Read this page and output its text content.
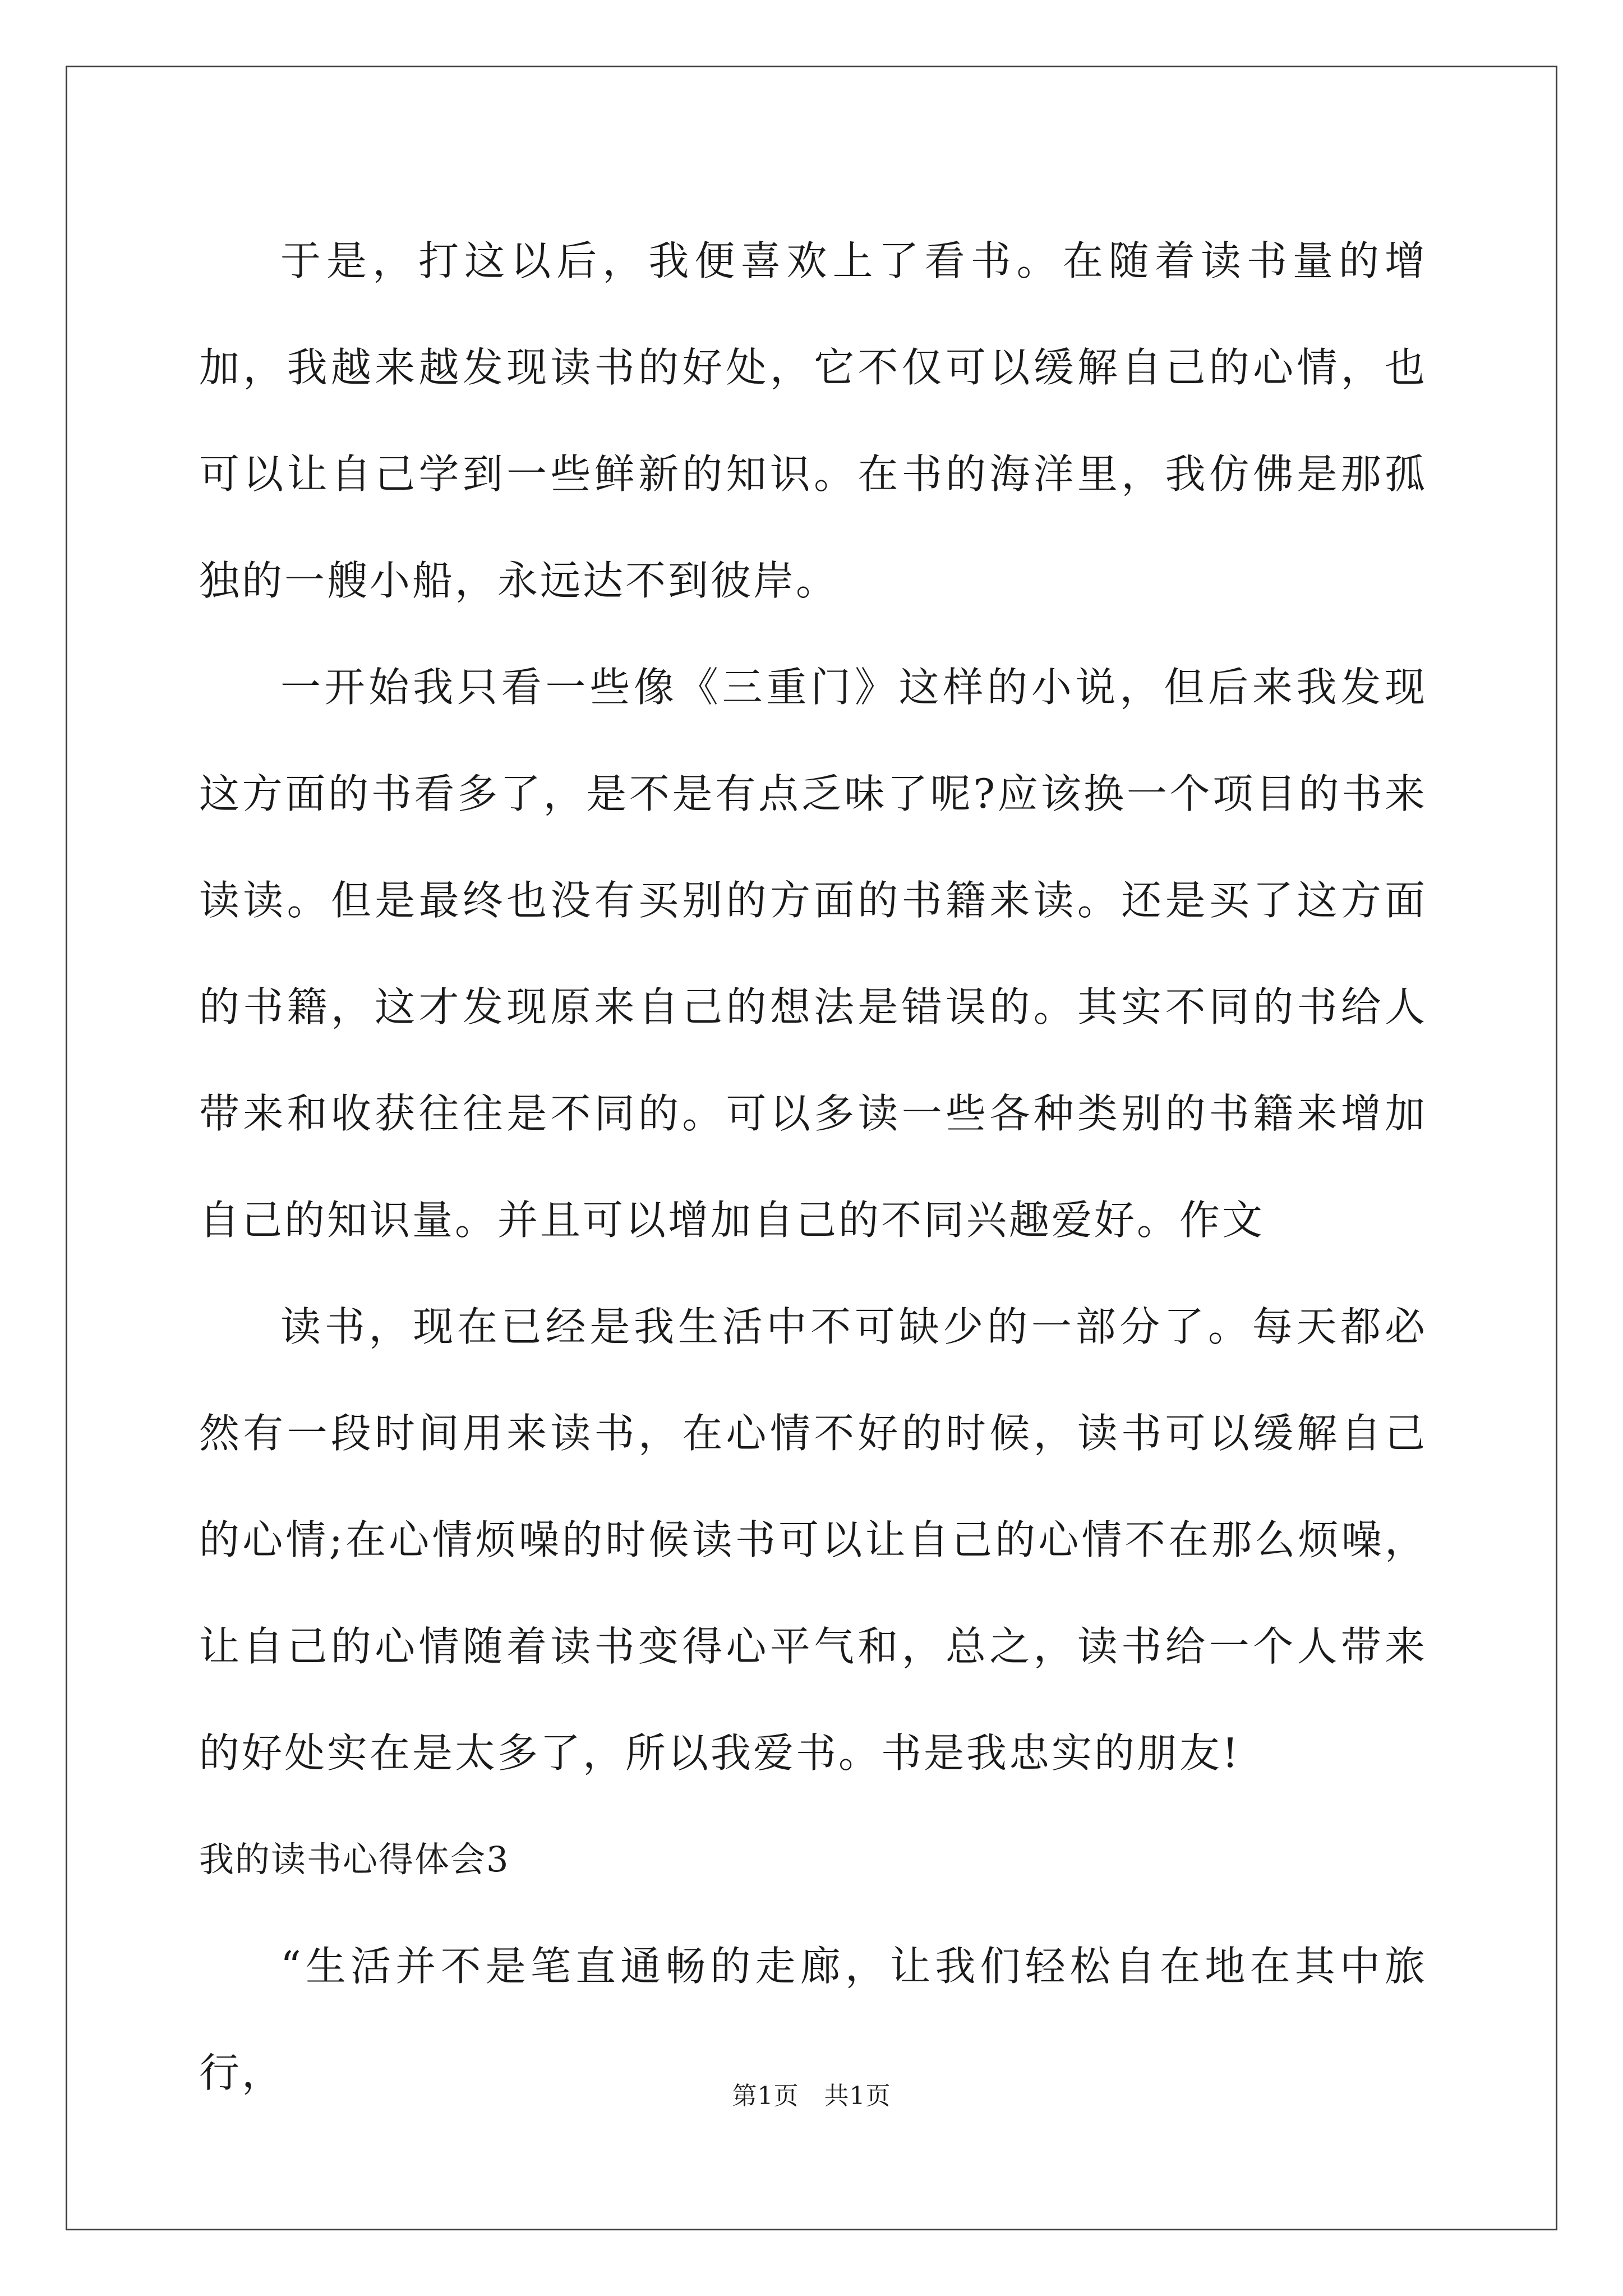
于是，打这以后，我便喜欢上了看书。在随着读书量的增加，我越来越发现读书的好处，它不仅可以缓解自己的心情，也可以让自己学到一些鲜新的知识。在书的海洋里，我仿佛是那孤独的一艘小船，永远达不到彼岸。

一开始我只看一些像《三重门》这样的小说，但后来我发现这方面的书看多了，是不是有点乏味了呢?应该换一个项目的书来读读。但是最终也没有买别的方面的书籍来读。还是买了这方面的书籍，这才发现原来自己的想法是错误的。其实不同的书给人带来和收获往往是不同的。可以多读一些各种类别的书籍来增加自己的知识量。并且可以增加自己的不同兴趣爱好。作文

读书，现在已经是我生活中不可缺少的一部分了。每天都必然有一段时间用来读书，在心情不好的时候，读书可以缓解自己的心情;在心情烦噪的时候读书可以让自己的心情不在那么烦噪，让自己的心情随着读书变得心平气和，总之，读书给一个人带来的好处实在是太多了，所以我爱书。书是我忠实的朋友!

我的读书心得体会3

“生活并不是笔直通畅的走廊，让我们轻松自在地在其中旅行，	第1页 共1页
